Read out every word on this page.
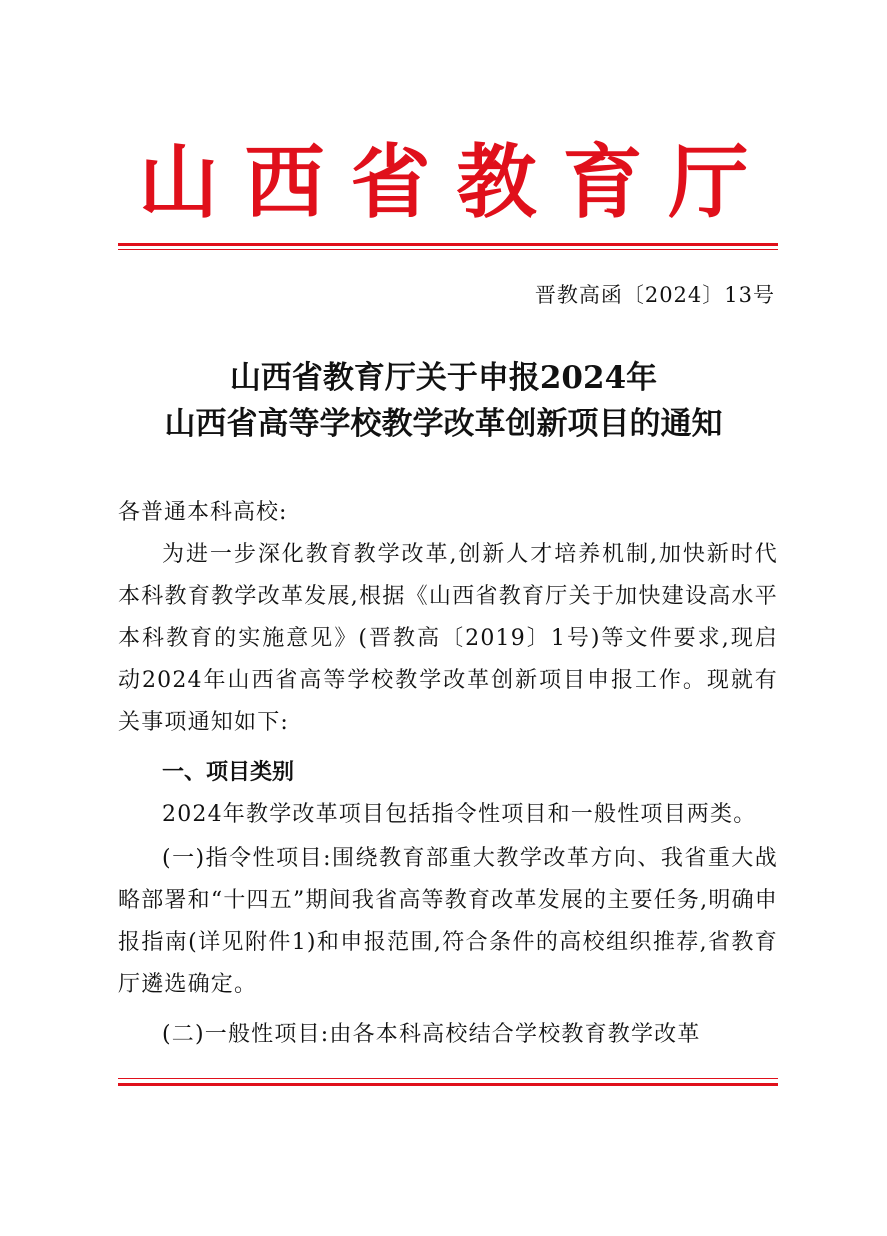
山西省教育厅
晋教高函〔2024〕13号
山西省教育厅关于申报2024年
山西省高等学校教学改革创新项目的通知
各普通本科高校:
为进一步深化教育教学改革,创新人才培养机制,加快新时代本科教育教学改革发展,根据《山西省教育厅关于加快建设高水平本科教育的实施意见》(晋教高〔2019〕1号)等文件要求,现启动2024年山西省高等学校教学改革创新项目申报工作。现就有关事项通知如下:
一、项目类别
2024年教学改革项目包括指令性项目和一般性项目两类。
(一)指令性项目:围绕教育部重大教学改革方向、我省重大战略部署和“十四五”期间我省高等教育改革发展的主要任务,明确申报指南(详见附件1)和申报范围,符合条件的高校组织推荐,省教育厅遴选确定。
(二)一般性项目:由各本科高校结合学校教育教学改革
